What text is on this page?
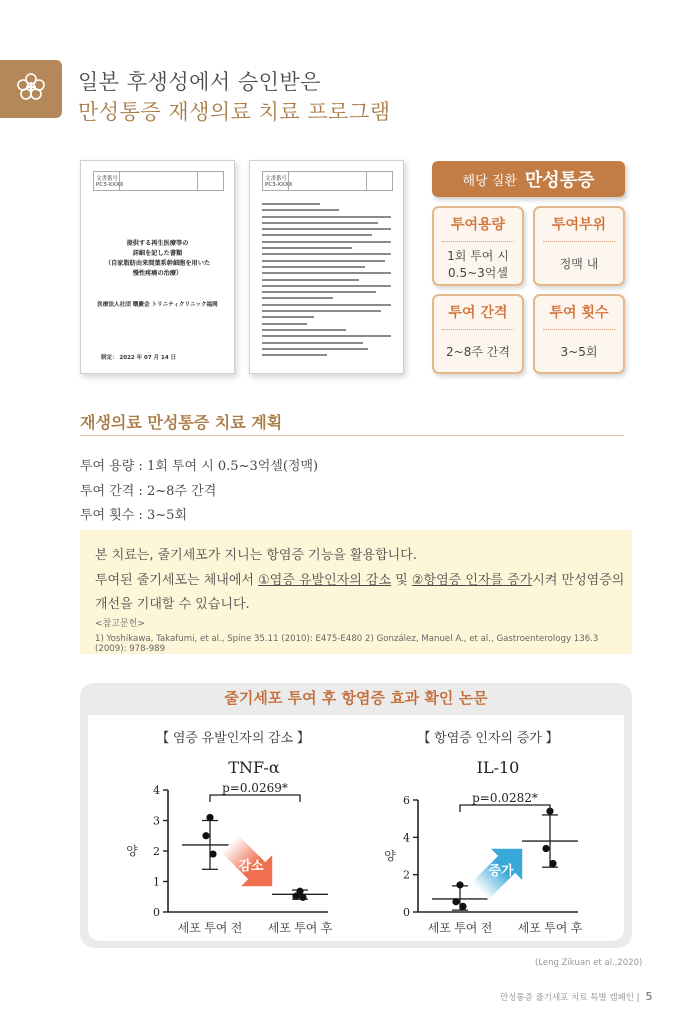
일본 후생성에서 승인받은
만성통증 재생의료 치료 프로그램
文書番号
PC3-XXXX
提供する再生医療等の
詳細を記した書類
（自家脂肪由来間葉系幹細胞を用いた
慢性疼痛の治療）
医療法人社団 曙慶会 トリニティクリニック福岡
制定： 2022 年 07 月 14 日
文書番号
PC3-XXXX	해당 질환 만성통증
투여용량
1회 투여 시
0.5~3억셀
투여부위
정맥 내
투여 간격
2~8주 간격
투여 횟수
3~5회
재생의료 만성통증 치료 계획
투여 용량 : 1회 투여 시 0.5~3억셀(정맥)
투여 간격 : 2~8주 간격
투여 횟수 : 3~5회
본 치료는, 줄기세포가 지니는 항염증 기능을 활용합니다.
투여된 줄기세포는 체내에서 ①염증 유발인자의 감소 및 ②항염증 인자를 증가시켜 만성염증의
개선을 기대할 수 있습니다.
<참고문헌>
1) Yoshikawa, Takafumi, et al., Spine 35.11 (2010): E475-E480 2) González, Manuel A., et al., Gastroenterology 136.3 (2009): 978-989
줄기세포 투여 후 항염증 효과 확인 논문
【 염증 유발인자의 감소 】
TNF-α
양
0
1
2
3
4
세포 투여 전 세포 투여 후
p=0.0269*
감소
【 항염증 인자의 증가 】
IL-10
양
0
2
4
6
세포 투여 전 세포 투여 후
p=0.0282*
증가
(Leng Zikuan et al.,2020)
만성통증 줄기세포 치료 특별 캠페인 | 5
